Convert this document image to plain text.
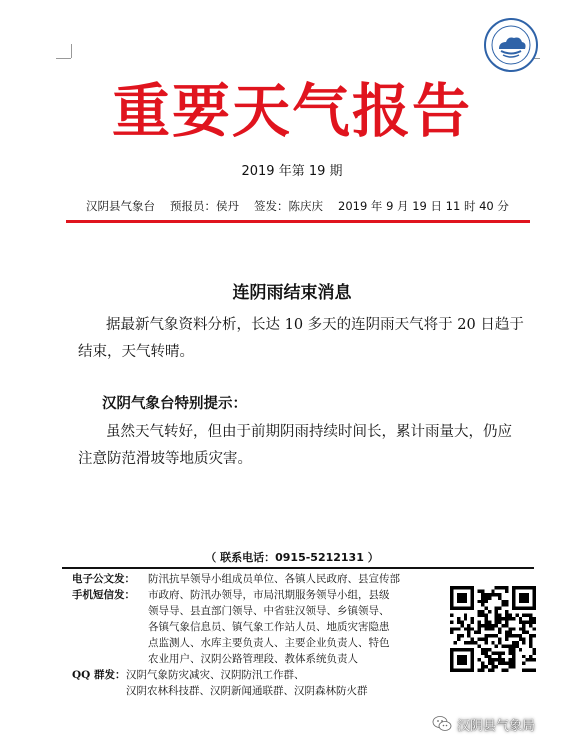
重要天气报告
2019 年第 19 期
汉阴县气象台 预报员：侯丹 签发：陈庆庆 2019 年 9 月 19 日 11 时 40 分
连阴雨结束消息

据最新气象资料分析，长达 10 多天的连阴雨天气将于 20 日趋于结束，天气转晴。

汉阴气象台特别提示：

虽然天气转好，但由于前期阴雨持续时间长，累计雨量大，仍应注意防范滑坡等地质灾害。

（ 联系电话：0915-5212131 ）
电子公文发：	防汛抗旱领导小组成员单位、各镇人民政府、县宣传部
手机短信发：	市政府、防汛办领导，市局汛期服务领导小组，县级
领导导、县直部门领导、中省驻汉领导、乡镇领导、
各镇气象信息员、镇气象工作站人员、地质灾害隐患
点监测人、水库主要负责人、主要企业负责人、特色
农业用户、汉阴公路管理段、教体系统负责人
QQ 群发： 汉阴气象防灾减灾、汉阴防汛工作群、
汉阴农林科技群、汉阴新闻通联群、汉阴森林防火群
汉阴县气象局
